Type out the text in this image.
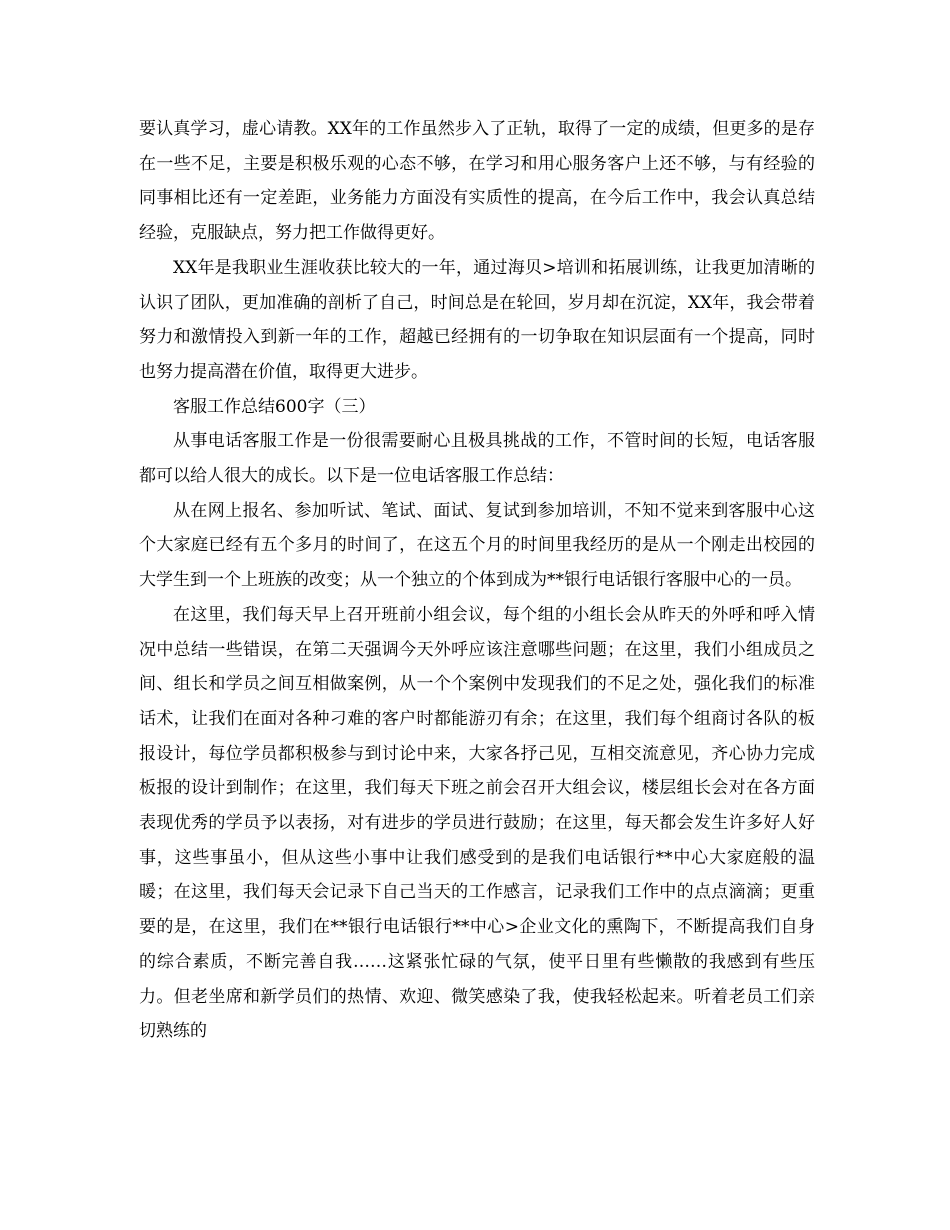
要认真学习，虚心请教。XX年的工作虽然步入了正轨，取得了一定的成绩，但更多的是存在一些不足，主要是积极乐观的心态不够，在学习和用心服务客户上还不够，与有经验的同事相比还有一定差距，业务能力方面没有实质性的提高，在今后工作中，我会认真总结经验，克服缺点，努力把工作做得更好。

XX年是我职业生涯收获比较大的一年，通过海贝>培训和拓展训练，让我更加清晰的认识了团队，更加准确的剖析了自己，时间总是在轮回，岁月却在沉淀，XX年，我会带着努力和激情投入到新一年的工作，超越已经拥有的一切争取在知识层面有一个提高，同时也努力提高潜在价值，取得更大进步。

客服工作总结600字（三）

从事电话客服工作是一份很需要耐心且极具挑战的工作，不管时间的长短，电话客服都可以给人很大的成长。以下是一位电话客服工作总结：

从在网上报名、参加听试、笔试、面试、复试到参加培训，不知不觉来到客服中心这个大家庭已经有五个多月的时间了，在这五个月的时间里我经历的是从一个刚走出校园的大学生到一个上班族的改变；从一个独立的个体到成为**银行电话银行客服中心的一员。

在这里，我们每天早上召开班前小组会议，每个组的小组长会从昨天的外呼和呼入情况中总结一些错误，在第二天强调今天外呼应该注意哪些问题；在这里，我们小组成员之间、组长和学员之间互相做案例，从一个个案例中发现我们的不足之处，强化我们的标准话术，让我们在面对各种刁难的客户时都能游刃有余；在这里，我们每个组商讨各队的板报设计，每位学员都积极参与到讨论中来，大家各抒己见，互相交流意见，齐心协力完成板报的设计到制作；在这里，我们每天下班之前会召开大组会议，楼层组长会对在各方面表现优秀的学员予以表扬，对有进步的学员进行鼓励；在这里，每天都会发生许多好人好事，这些事虽小，但从这些小事中让我们感受到的是我们电话银行**中心大家庭般的温暖；在这里，我们每天会记录下自己当天的工作感言，记录我们工作中的点点滴滴；更重要的是，在这里，我们在**银行电话银行**中心>企业文化的熏陶下，不断提高我们自身的综合素质，不断完善自我……这紧张忙碌的气氛，使平日里有些懒散的我感到有些压力。但老坐席和新学员们的热情、欢迎、微笑感染了我，使我轻松起来。听着老员工们亲切熟练的
